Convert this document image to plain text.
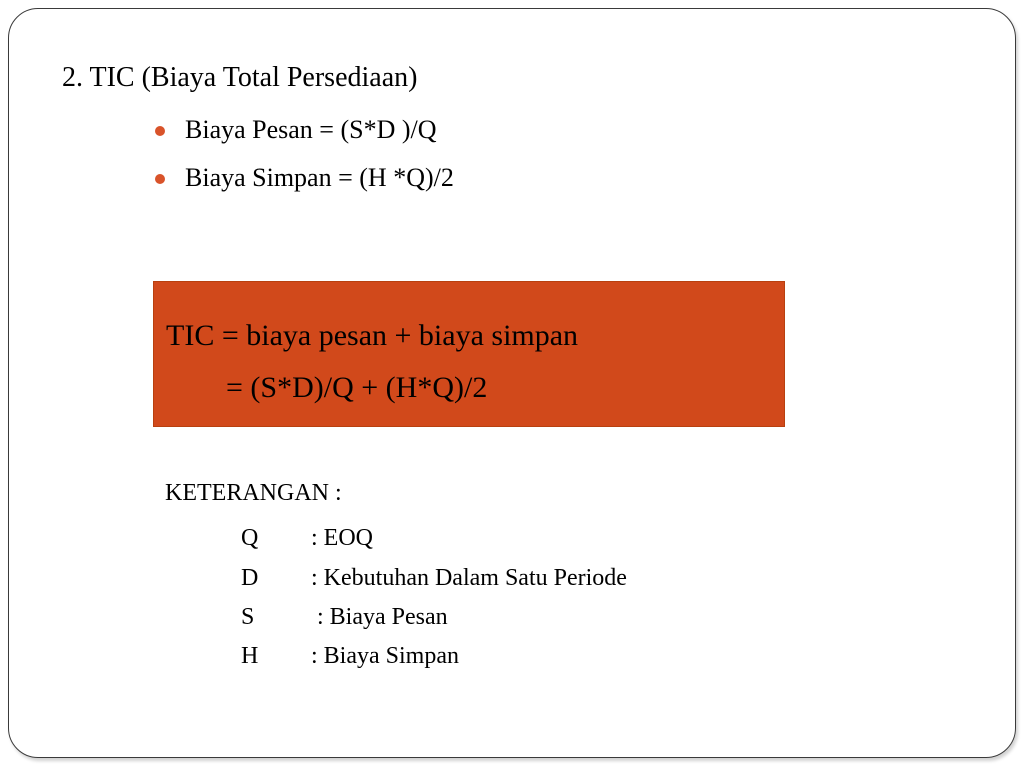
2. TIC (Biaya Total Persediaan)
Biaya Pesan = (S*D )/Q
Biaya Simpan = (H *Q)/2
TIC = biaya pesan + biaya simpan
= (S*D)/Q + (H*Q)/2
KETERANGAN :
Q : EOQ
D : Kebutuhan Dalam Satu Periode
S : Biaya Pesan
H : Biaya Simpan
